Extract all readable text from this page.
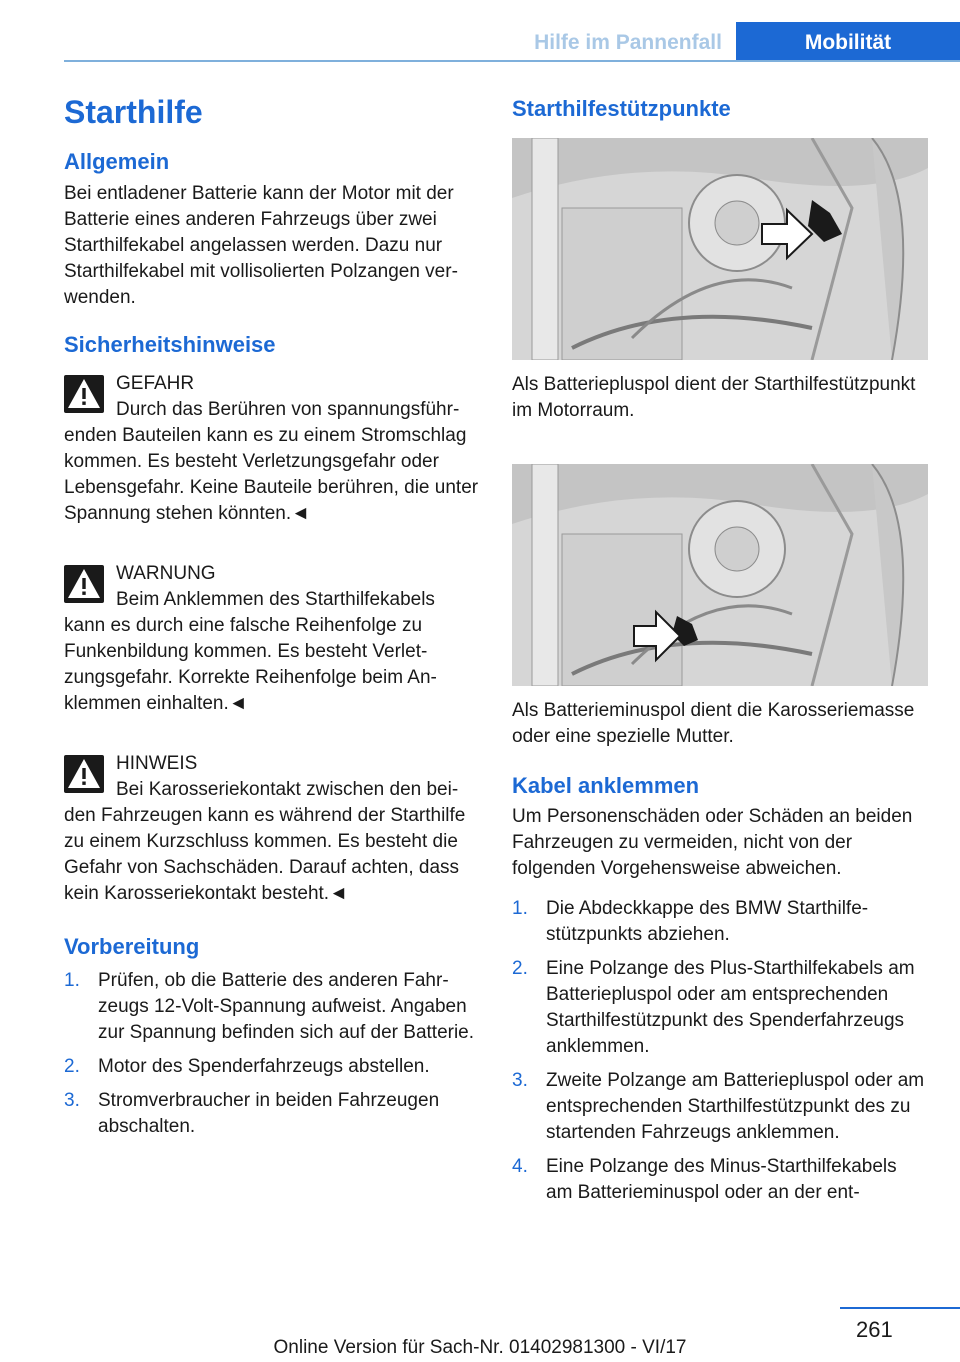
Hilfe im Pannenfall	Mobilität
Starthilfe
Allgemein

Bei entladener Batterie kann der Motor mit der Batterie eines anderen Fahrzeugs über zwei Starthilfekabel angelassen werden. Dazu nur Starthilfekabel mit vollisolierten Polzangen verwenden.

Sicherheitshinweise
GEFAHR

Durch das Berühren von spannungsführenden Bauteilen kann es zu einem Stromschlag kommen. Es besteht Verletzungsgefahr oder Lebensgefahr. Keine Bauteile berühren, die unter Spannung stehen könnten.◄

WARNUNG

Beim Anklemmen des Starthilfekabels kann es durch eine falsche Reihenfolge zu Funkenbildung kommen. Es besteht Verletzungsgefahr. Korrekte Reihenfolge beim Anklemmen einhalten.◄

HINWEIS

Bei Karosseriekontakt zwischen den beiden Fahrzeugen kann es während der Starthilfe zu einem Kurzschluss kommen. Es besteht die Gefahr von Sachschäden. Darauf achten, dass kein Karosseriekontakt besteht.◄

Vorbereitung
1. Prüfen, ob die Batterie des anderen Fahrzeugs 12-Volt-Spannung aufweist. Angaben zur Spannung befinden sich auf der Batterie.
2. Motor des Spenderfahrzeugs abstellen.
3. Stromverbraucher in beiden Fahrzeugen abschalten.
Starthilfestützpunkte

Als Batteriepluspol dient der Starthilfestützpunkt im Motorraum.

Als Batterieminuspol dient die Karosseriemasse oder eine spezielle Mutter.

Kabel anklemmen

Um Personenschäden oder Schäden an beiden Fahrzeugen zu vermeiden, nicht von der folgenden Vorgehensweise abweichen.

1. Die Abdeckkappe des BMW Starthilfestützpunkts abziehen.
2. Eine Polzange des Plus-Starthilfekabels am Batteriepluspol oder am entsprechenden Starthilfestützpunkt des Spenderfahrzeugs anklemmen.
3. Zweite Polzange am Batteriepluspol oder am entsprechenden Starthilfestützpunkt des zu startenden Fahrzeugs anklemmen.
4. Eine Polzange des Minus-Starthilfekabels am Batterieminuspol oder an der ent-
261
Online Version für Sach-Nr. 01402981300 - VI/17
